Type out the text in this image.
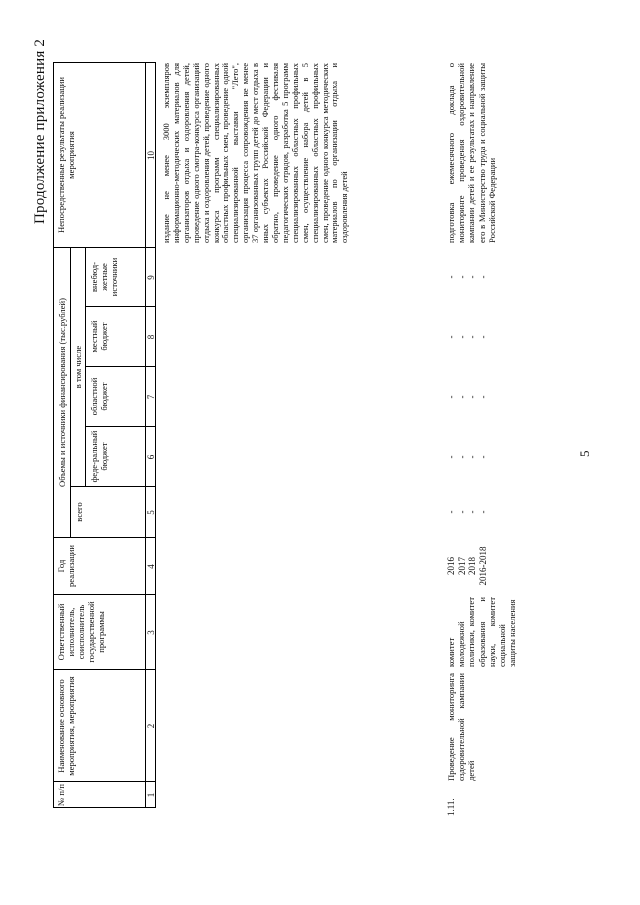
5
Продолжение приложения 2
№ п/п
Наименование основного мероприятия, мероприятия
Ответственный исполнитель, соисполнитель государственной программы
Год реализации
Объемы и источники финансирования (тыс.рублей)
всего
в том числе
феде-ральный бюджет
областной бюджет
местный бюджет
внебюд-жетные источники
Непосредственные результаты реализации мероприятия
1
2
3
4
5
6
7
8
9
10 издание не менее 3000 экземпляров информационно-методических материалов для организаторов отдыха и оздоровления детей, проведение одного смотра-конкурса организаций отдыха и оздоровления детей, проведение одного конкурса программ специализированных областных профильных смен, проведение одной специализированной выставки "Лето", организация процесса сопровождения не менее 37 организованных групп детей до мест отдыха в иных субъектах Российской Федерации и обратно, проведение одного фестиваля педагогических отрядов, разработка 5 программ специализированных областных профильных смен, осуществление набора детей в 5 специализированных областных профильных смен, проведение одного конкурса методических материалов по организации отдыха и оздоровления детей
1.11.
Проведение мониторинга оздоровительной кампании детей
комитет молодежной политики, комитет образования и науки, комитет социальной защиты населения
2016 2017 2018 2016-2018
- - - -
- - - -
- - - -
- - - -
- - - -
подготовка ежемесячного доклада о мониторинге проведения оздоровительной кампании детей и ее результатах и направление его в Министерство труда и социальной защиты Российской Федерации
